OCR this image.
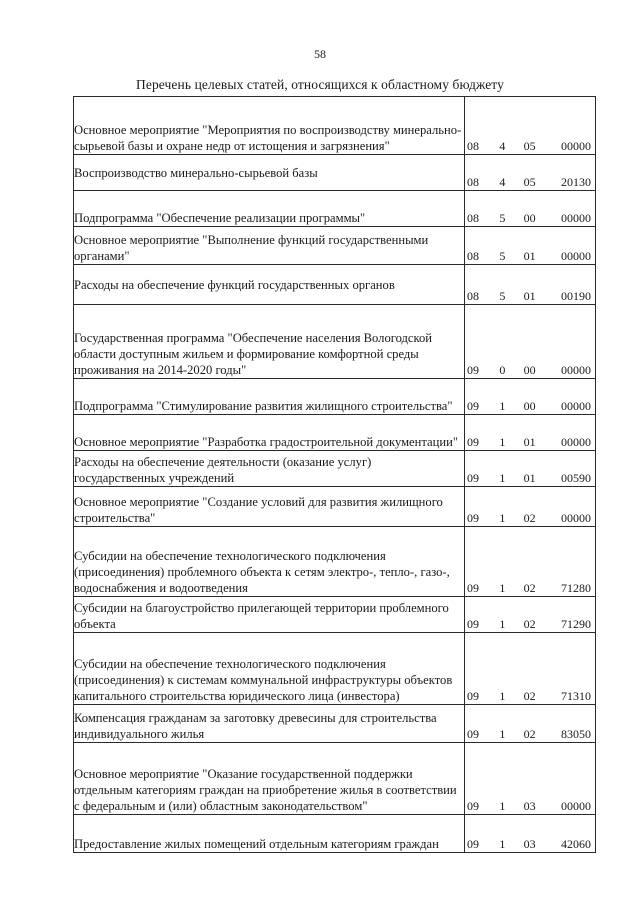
58
Перечень целевых статей, относящихся к областному бюджету
Основное мероприятие "Мероприятия по воспроизводству минерально-сырьевой базы и охране недр от истощения и загрязнения"	08 4 05 00000

Воспроизводство минерально-сырьевой базы	08 4 05 20130

Подпрограмма "Обеспечение реализации программы"	08 5 00 00000

Основное мероприятие "Выполнение функций государственными органами"	08 5 01 00000

Расходы на обеспечение функций государственных органов	08 5 01 00190

Государственная программа "Обеспечение населения Вологодской области доступным жильем и формирование комфортной среды проживания на 2014-2020 годы"	09 0 00 00000

Подпрограмма "Стимулирование развития жилищного строительства"	09 1 00 00000

Основное мероприятие "Разработка градостроительной документации"	09 1 01 00000

Расходы на обеспечение деятельности (оказание услуг) государственных учреждений	09 1 01 00590

Основное мероприятие "Создание условий для развития жилищного строительства"	09 1 02 00000

Субсидии на обеспечение технологического подключения (присоединения) проблемного объекта к сетям электро-, тепло-, газо-, водоснабжения и водоотведения	09 1 02 71280

Субсидии на благоустройство прилегающей территории проблемного объекта	09 1 02 71290

Субсидии на обеспечение технологического подключения (присоединения) к системам коммунальной инфраструктуры объектов капитального строительства юридического лица (инвестора)	09 1 02 71310

Компенсация гражданам за заготовку древесины для строительства индивидуального жилья	09 1 02 83050

Основное мероприятие "Оказание государственной поддержки отдельным категориям граждан на приобретение жилья в соответствии с федеральным и (или) областным законодательством"	09 1 03 00000

Предоставление жилых помещений отдельным категориям граждан	09 1 03 42060
